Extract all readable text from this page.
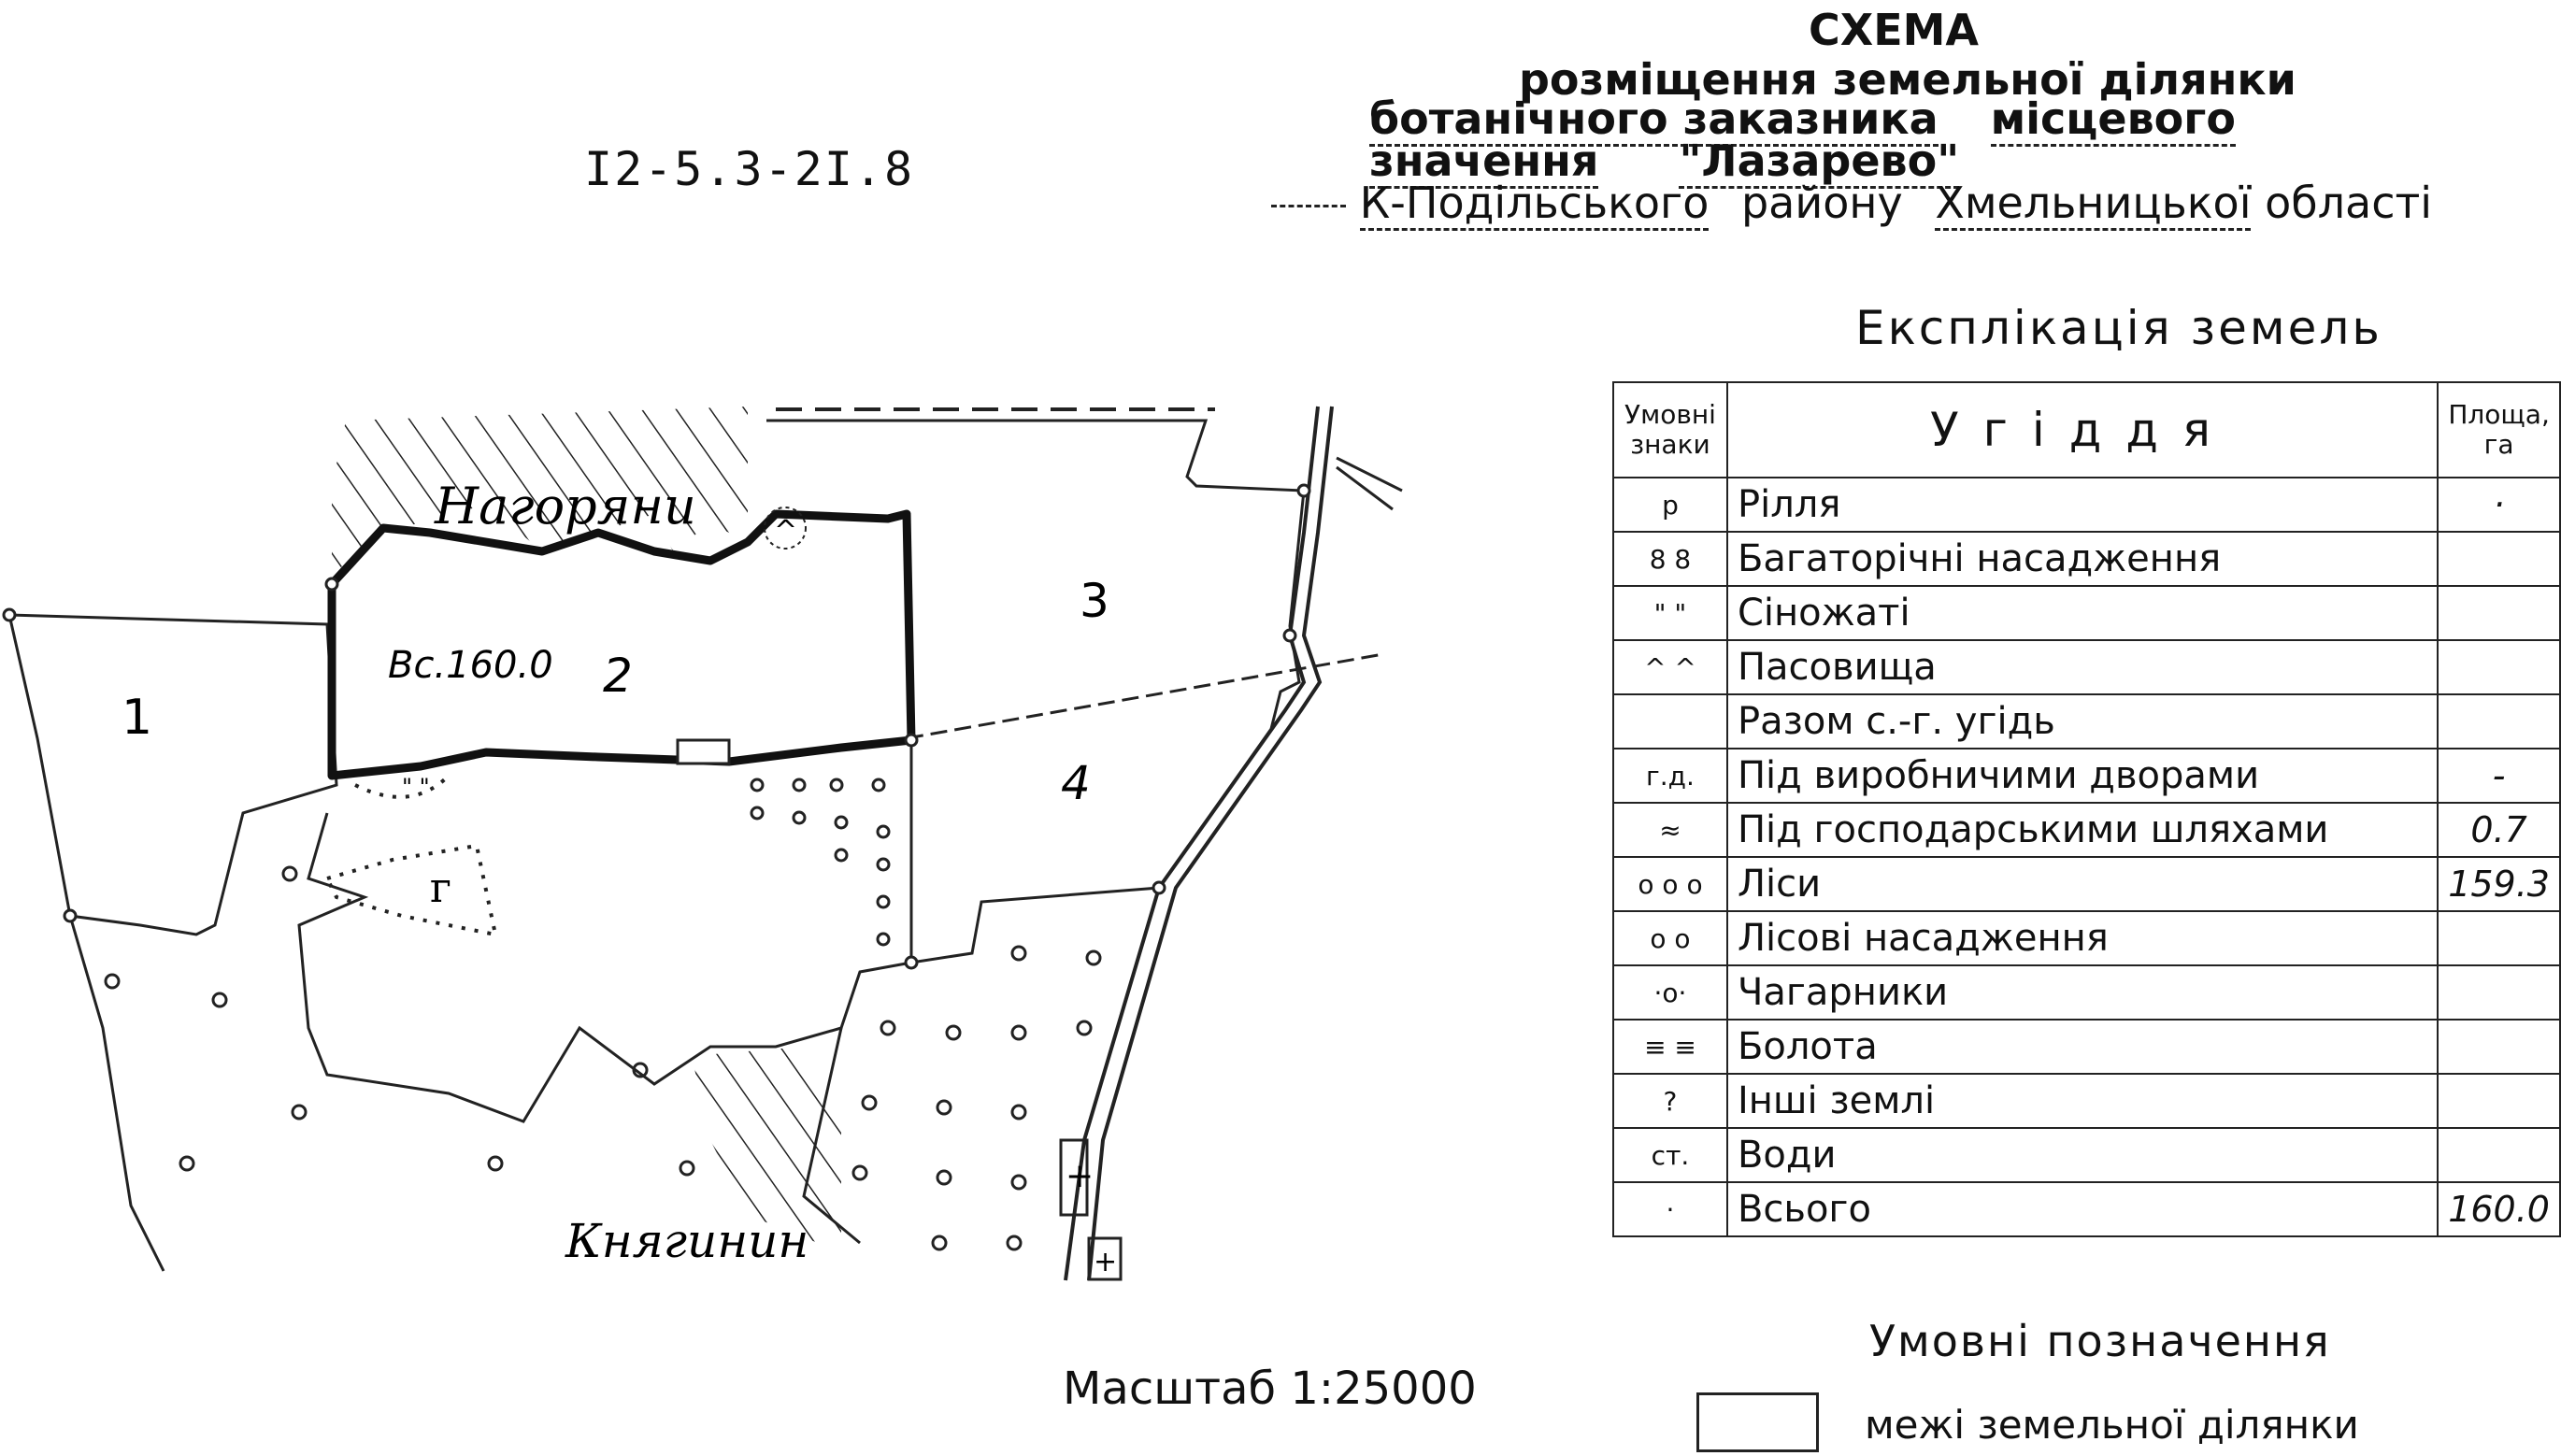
I2-5.3-2I.8
СХЕМА
розміщення земельної ділянки
ботанічного заказника місцевого
значення "Лазарево"
К-Подільського району Хмельницької області
+
+
^
г
" "
Нагоряни
Княгинин
Вс.160.0
1
2
3
4
Експлікація земель
Умовні знаки	Угіддя	Площа, га
р	Рілля	·
8 8	Багаторічні насадження	
" "	Сіножаті	
^ ^	Пасовища	
	Разом с.-г. угідь	
г.д.	Під виробничими дворами	-
≈	Під господарськими шляхами	0.7
o o o	Ліси	159.3
o o	Лісові насадження	
·o·	Чагарники	
≡ ≡	Болота	
?	Інші землі	
ст.	Води	
·	Всього	160.0
Масштаб 1:25000
Умовні позначення
межі земельної ділянки
